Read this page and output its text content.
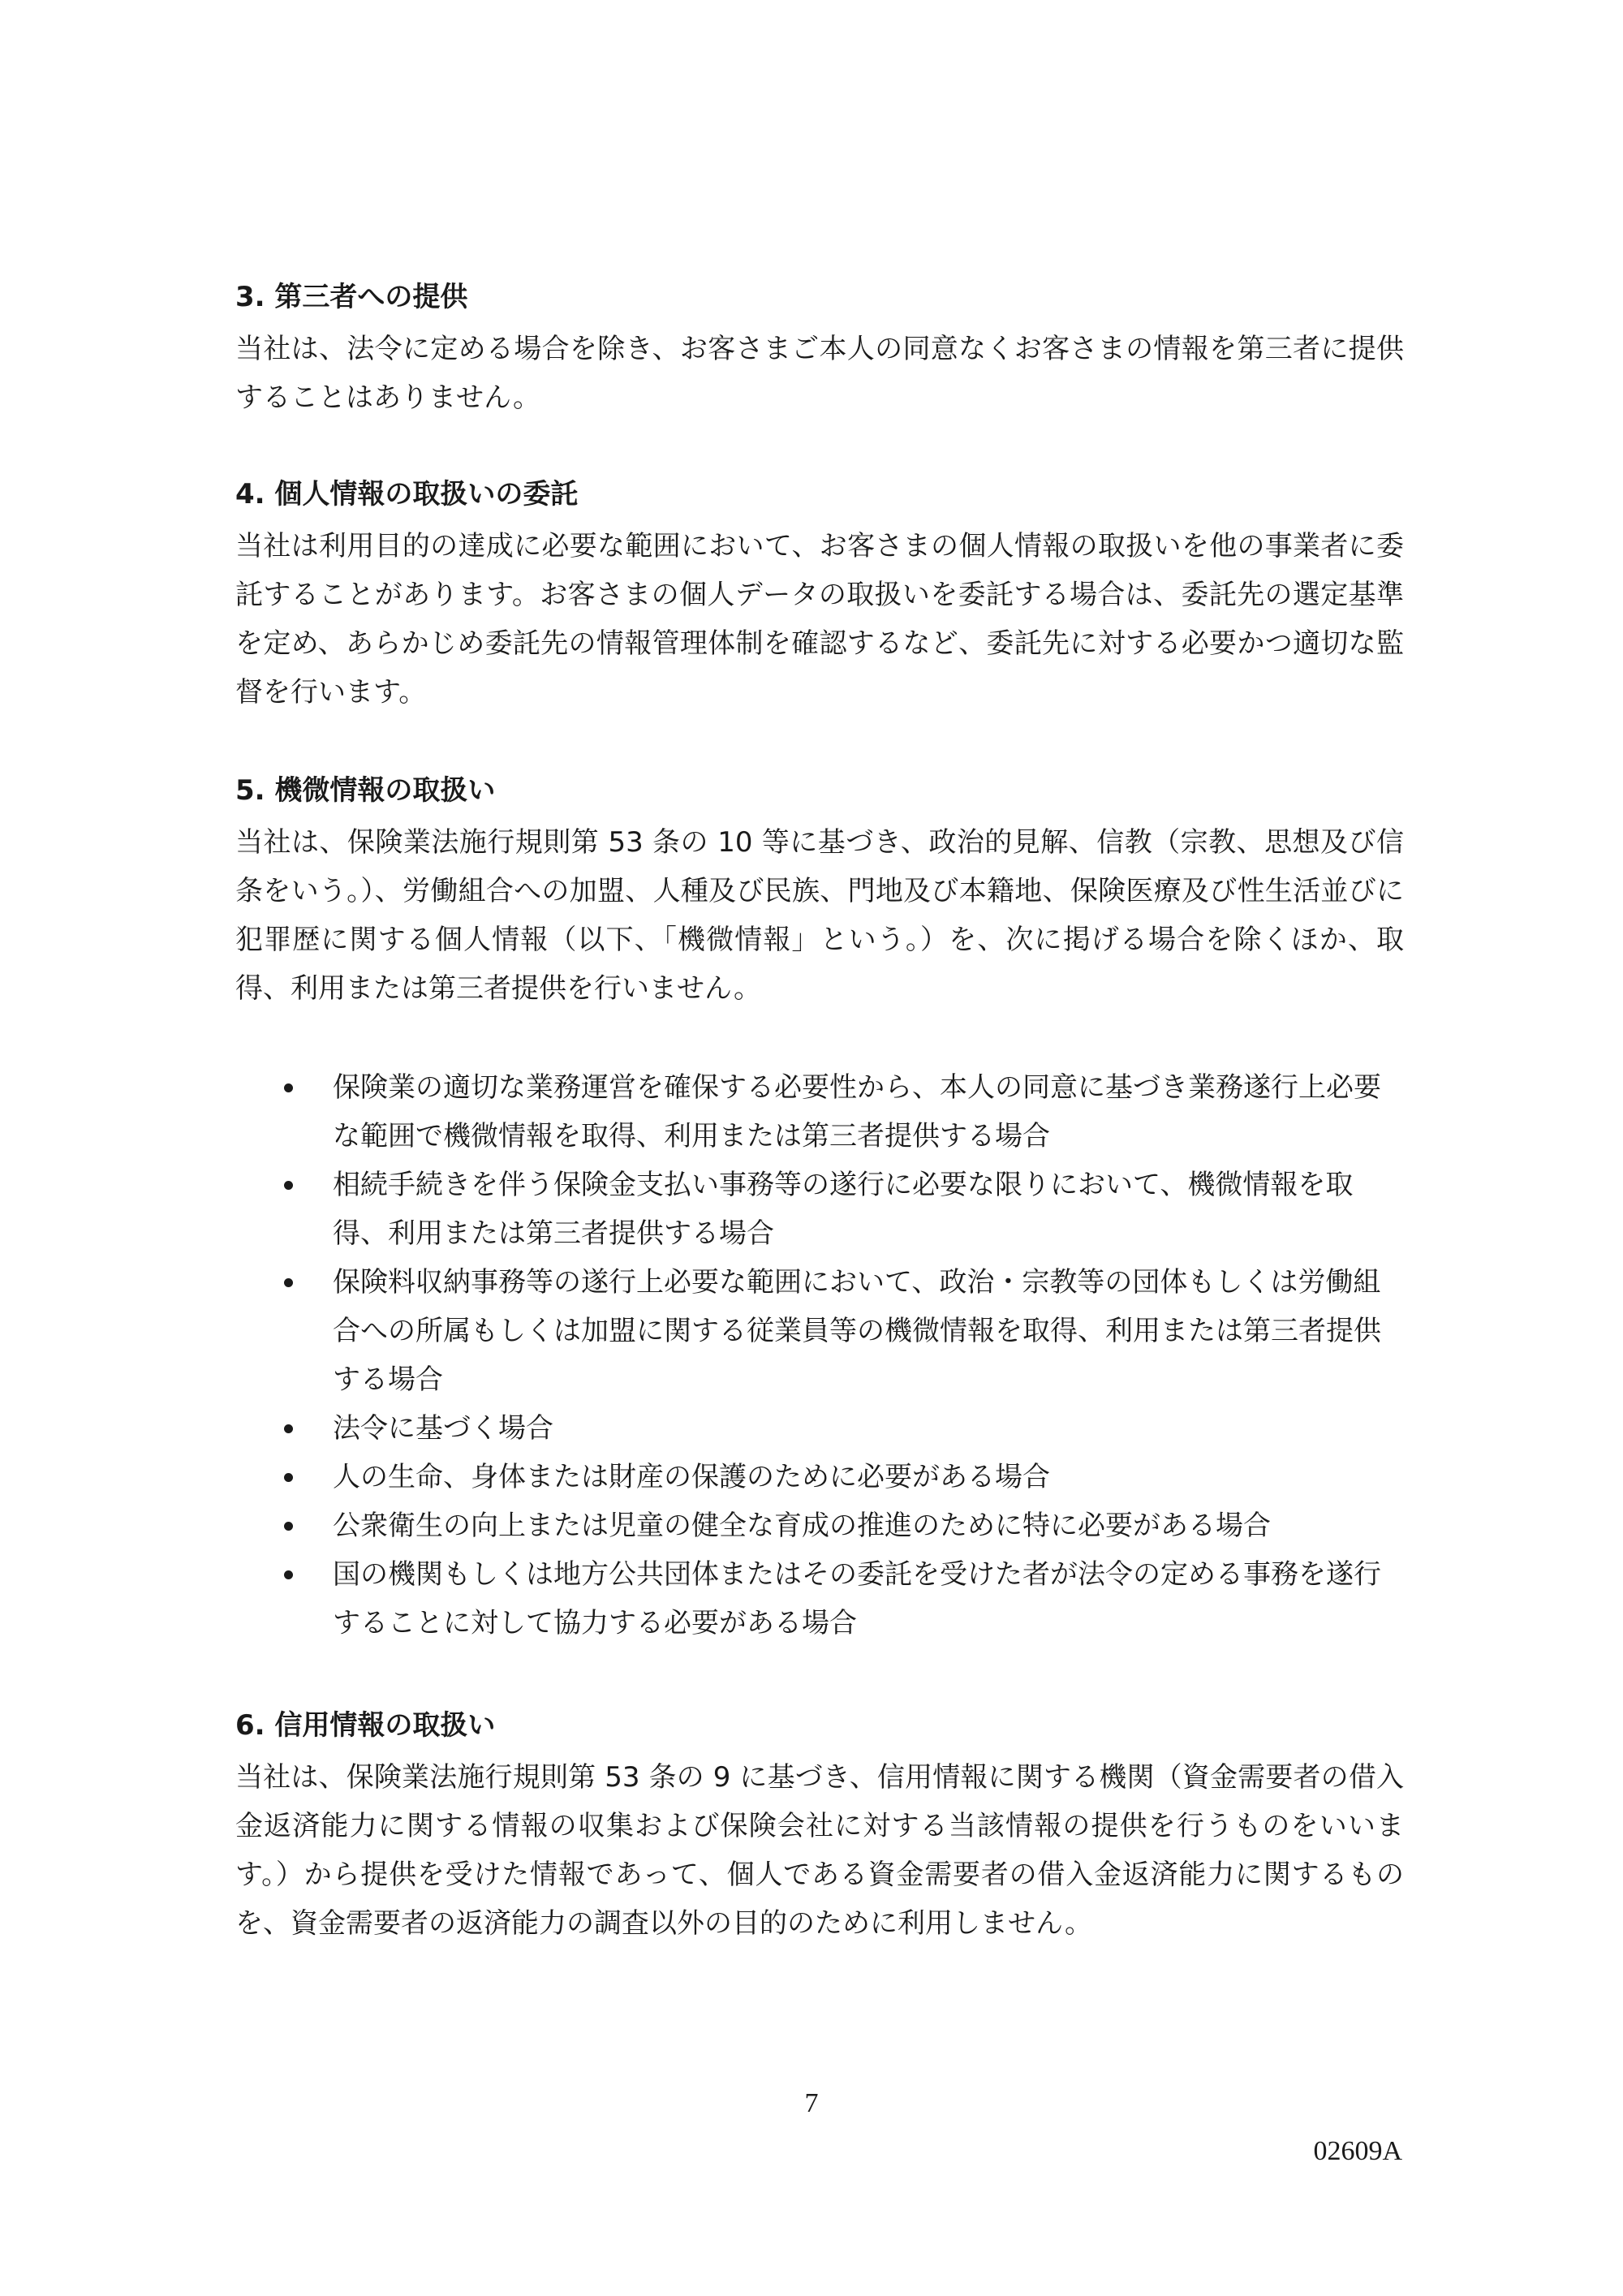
3. 第三者への提供

当社は、法令に定める場合を除き、お客さまご本人の同意なくお客さまの情報を第三者に提供することはありません。

4. 個人情報の取扱いの委託

当社は利用目的の達成に必要な範囲において、お客さまの個人情報の取扱いを他の事業者に委託することがあります。お客さまの個人データの取扱いを委託する場合は、委託先の選定基準を定め、あらかじめ委託先の情報管理体制を確認するなど、委託先に対する必要かつ適切な監督を行います。

5. 機微情報の取扱い

当社は、保険業法施行規則第 53 条の 10 等に基づき、政治的見解、信教（宗教、思想及び信条をいう。）、労働組合への加盟、人種及び民族、門地及び本籍地、保険医療及び性生活並びに犯罪歴に関する個人情報（以下、「機微情報」という。）を、次に掲げる場合を除くほか、取得、利用または第三者提供を行いません。

保険業の適切な業務運営を確保する必要性から、本人の同意に基づき業務遂行上必要な範囲で機微情報を取得、利用または第三者提供する場合
相続手続きを伴う保険金支払い事務等の遂行に必要な限りにおいて、機微情報を取得、利用または第三者提供する場合
保険料収納事務等の遂行上必要な範囲において、政治・宗教等の団体もしくは労働組合への所属もしくは加盟に関する従業員等の機微情報を取得、利用または第三者提供する場合
法令に基づく場合
人の生命、身体または財産の保護のために必要がある場合
公衆衛生の向上または児童の健全な育成の推進のために特に必要がある場合
国の機関もしくは地方公共団体またはその委託を受けた者が法令の定める事務を遂行することに対して協力する必要がある場合
6. 信用情報の取扱い

当社は、保険業法施行規則第 53 条の 9 に基づき、信用情報に関する機関（資金需要者の借入金返済能力に関する情報の収集および保険会社に対する当該情報の提供を行うものをいいます。）から提供を受けた情報であって、個人である資金需要者の借入金返済能力に関するものを、資金需要者の返済能力の調査以外の目的のために利用しません。

7
02609A
